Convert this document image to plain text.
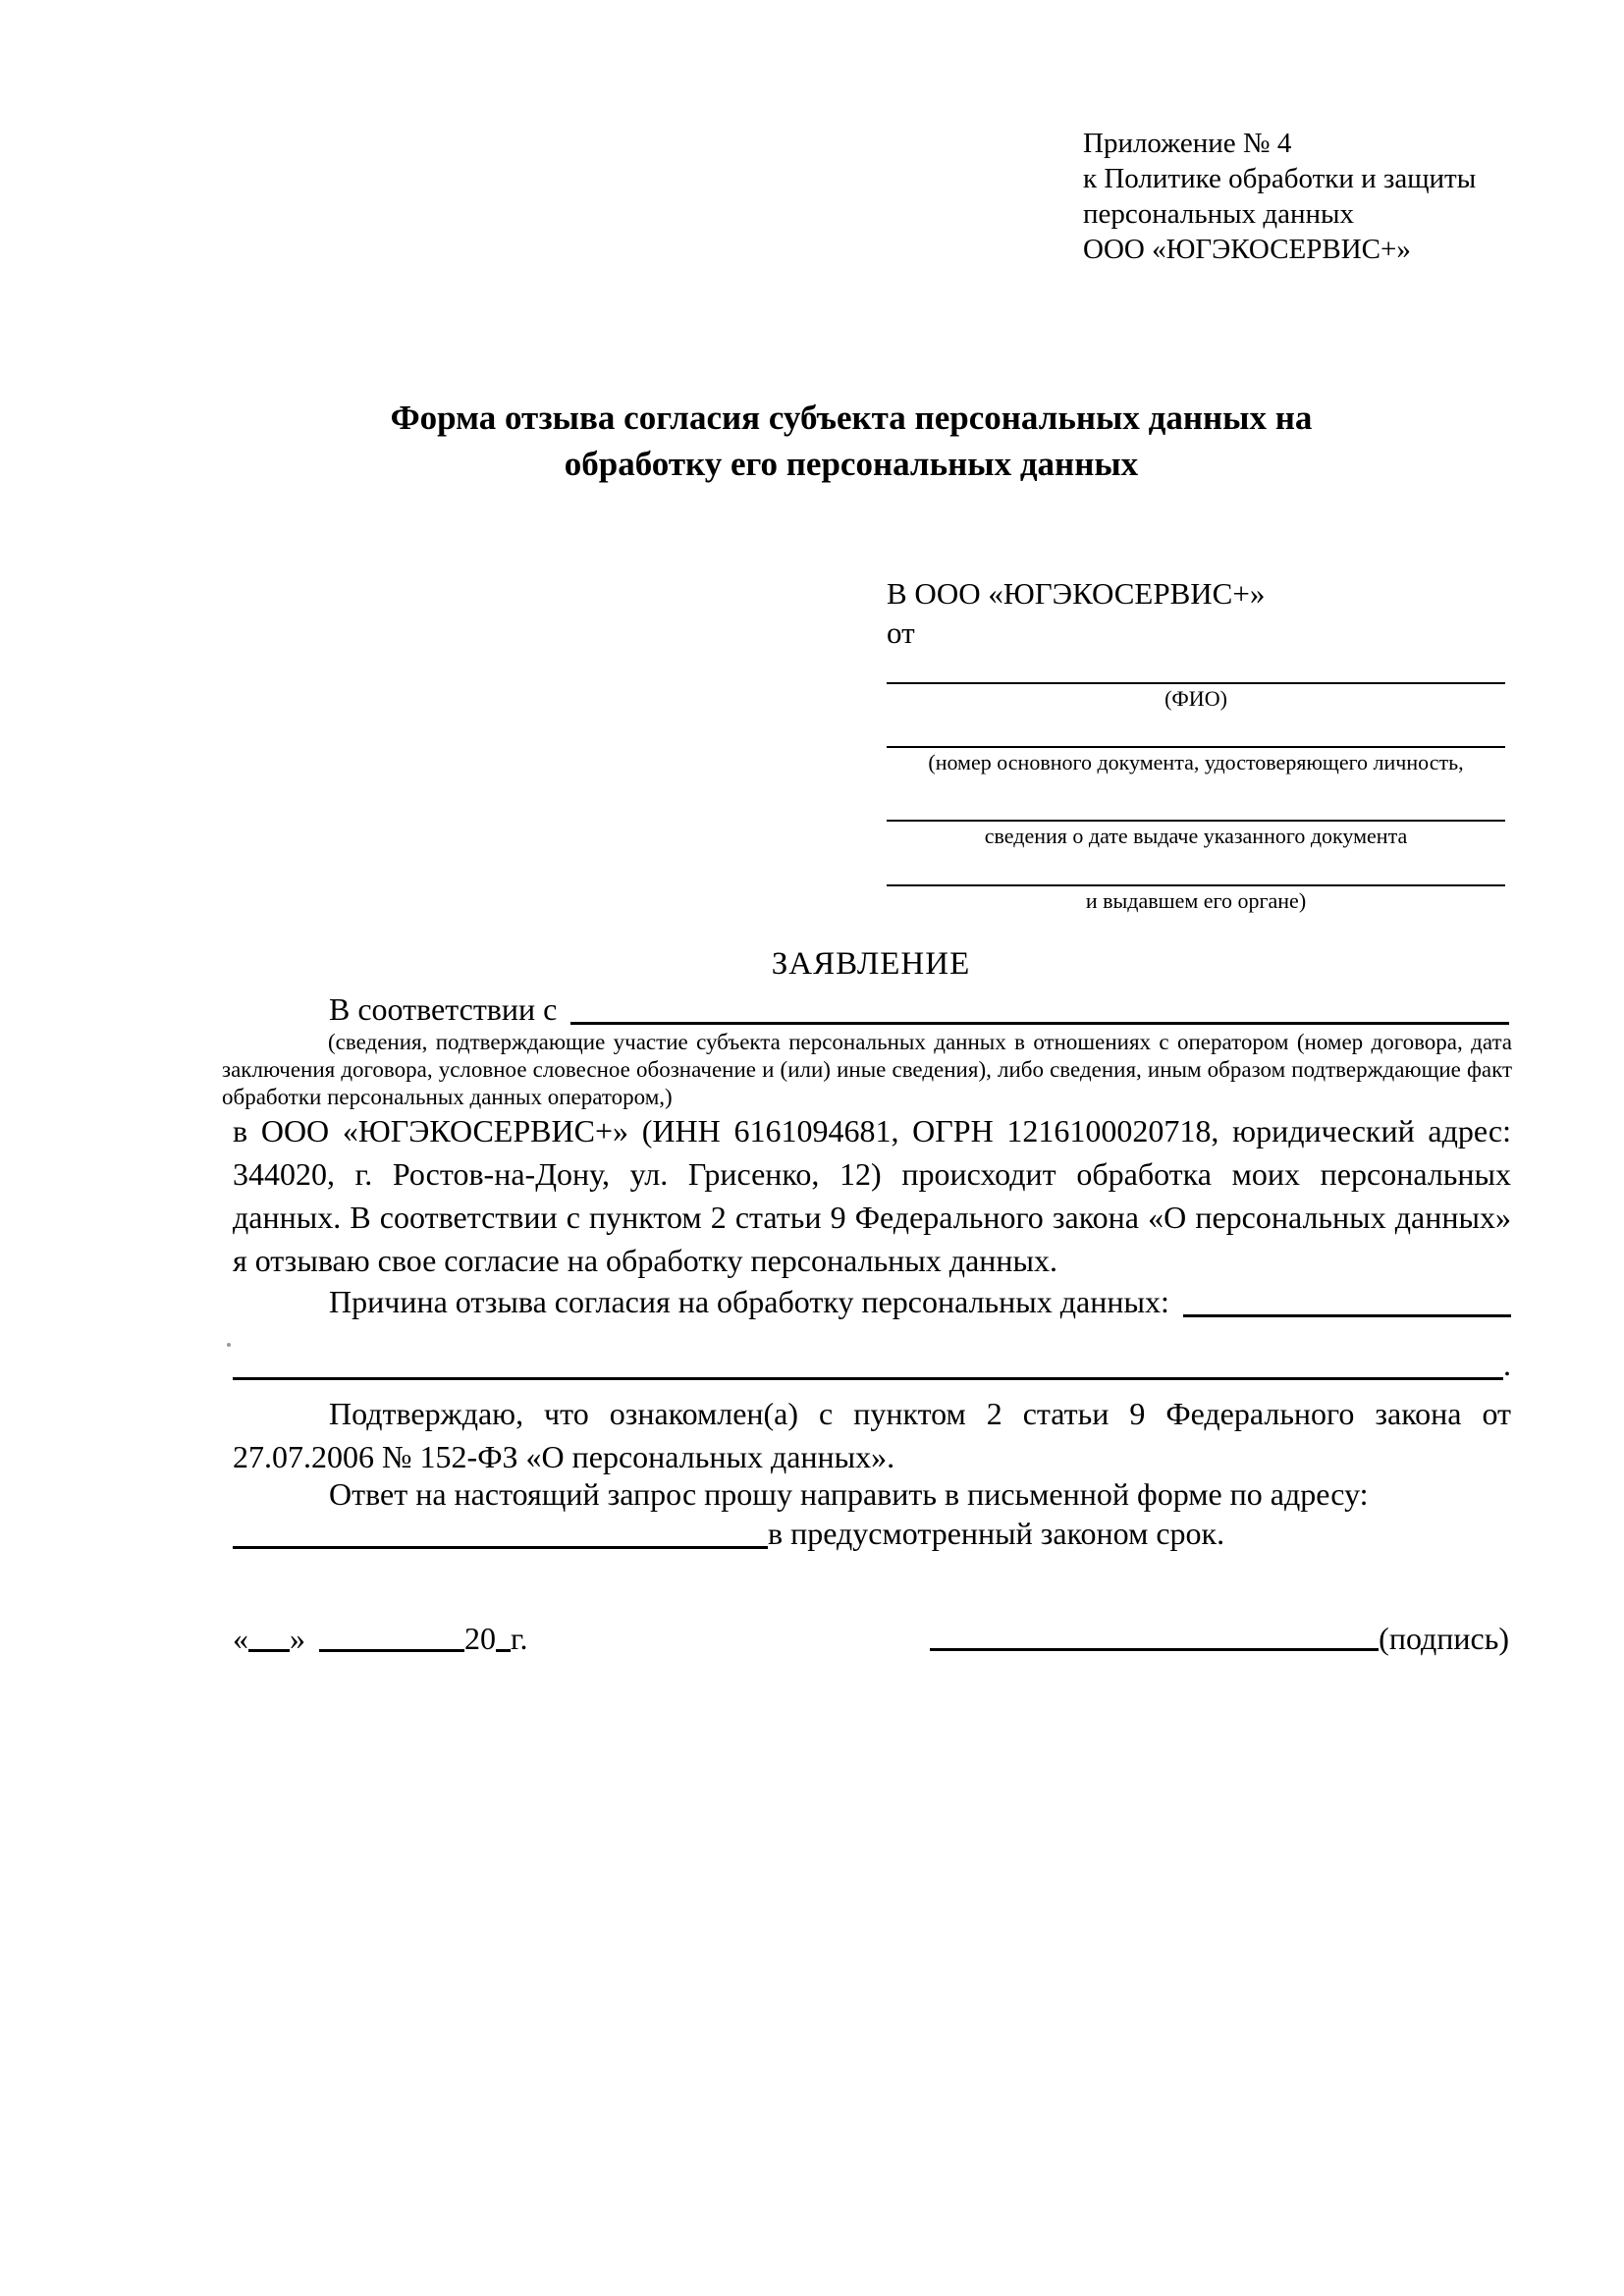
Приложение № 4
к Политике обработки и защиты
персональных данных
ООО «ЮГЭКОСЕРВИС+»
Форма отзыва согласия субъекта персональных данных на обработку его персональных данных
В ООО «ЮГЭКОСЕРВИС+»
от
(ФИО)
(номер основного документа, удостоверяющего личность,
сведения о дате выдаче указанного документа
и выдавшем его органе)
ЗАЯВЛЕНИЕ
В соответствии с
(сведения, подтверждающие участие субъекта персональных данных в отношениях с оператором (номер договора, дата заключения договора, условное словесное обозначение и (или) иные сведения), либо сведения, иным образом подтверждающие факт обработки персональных данных оператором,)
в ООО «ЮГЭКОСЕРВИС+» (ИНН 6161094681, ОГРН 1216100020718, юридический адрес: 344020, г. Ростов-на-Дону, ул. Грисенко, 12) происходит обработка моих персональных данных. В соответствии с пунктом 2 статьи 9 Федерального закона «О персональных данных» я отзываю свое согласие на обработку персональных данных.
Причина отзыва согласия на обработку персональных данных:
.
Подтверждаю, что ознакомлен(а) с пунктом 2 статьи 9 Федерального закона от 27.07.2006 № 152-ФЗ «О персональных данных».
Ответ на настоящий запрос прошу направить в письменной форме по адресу:
в предусмотренный законом срок.
« »	20 г.	(подпись)
